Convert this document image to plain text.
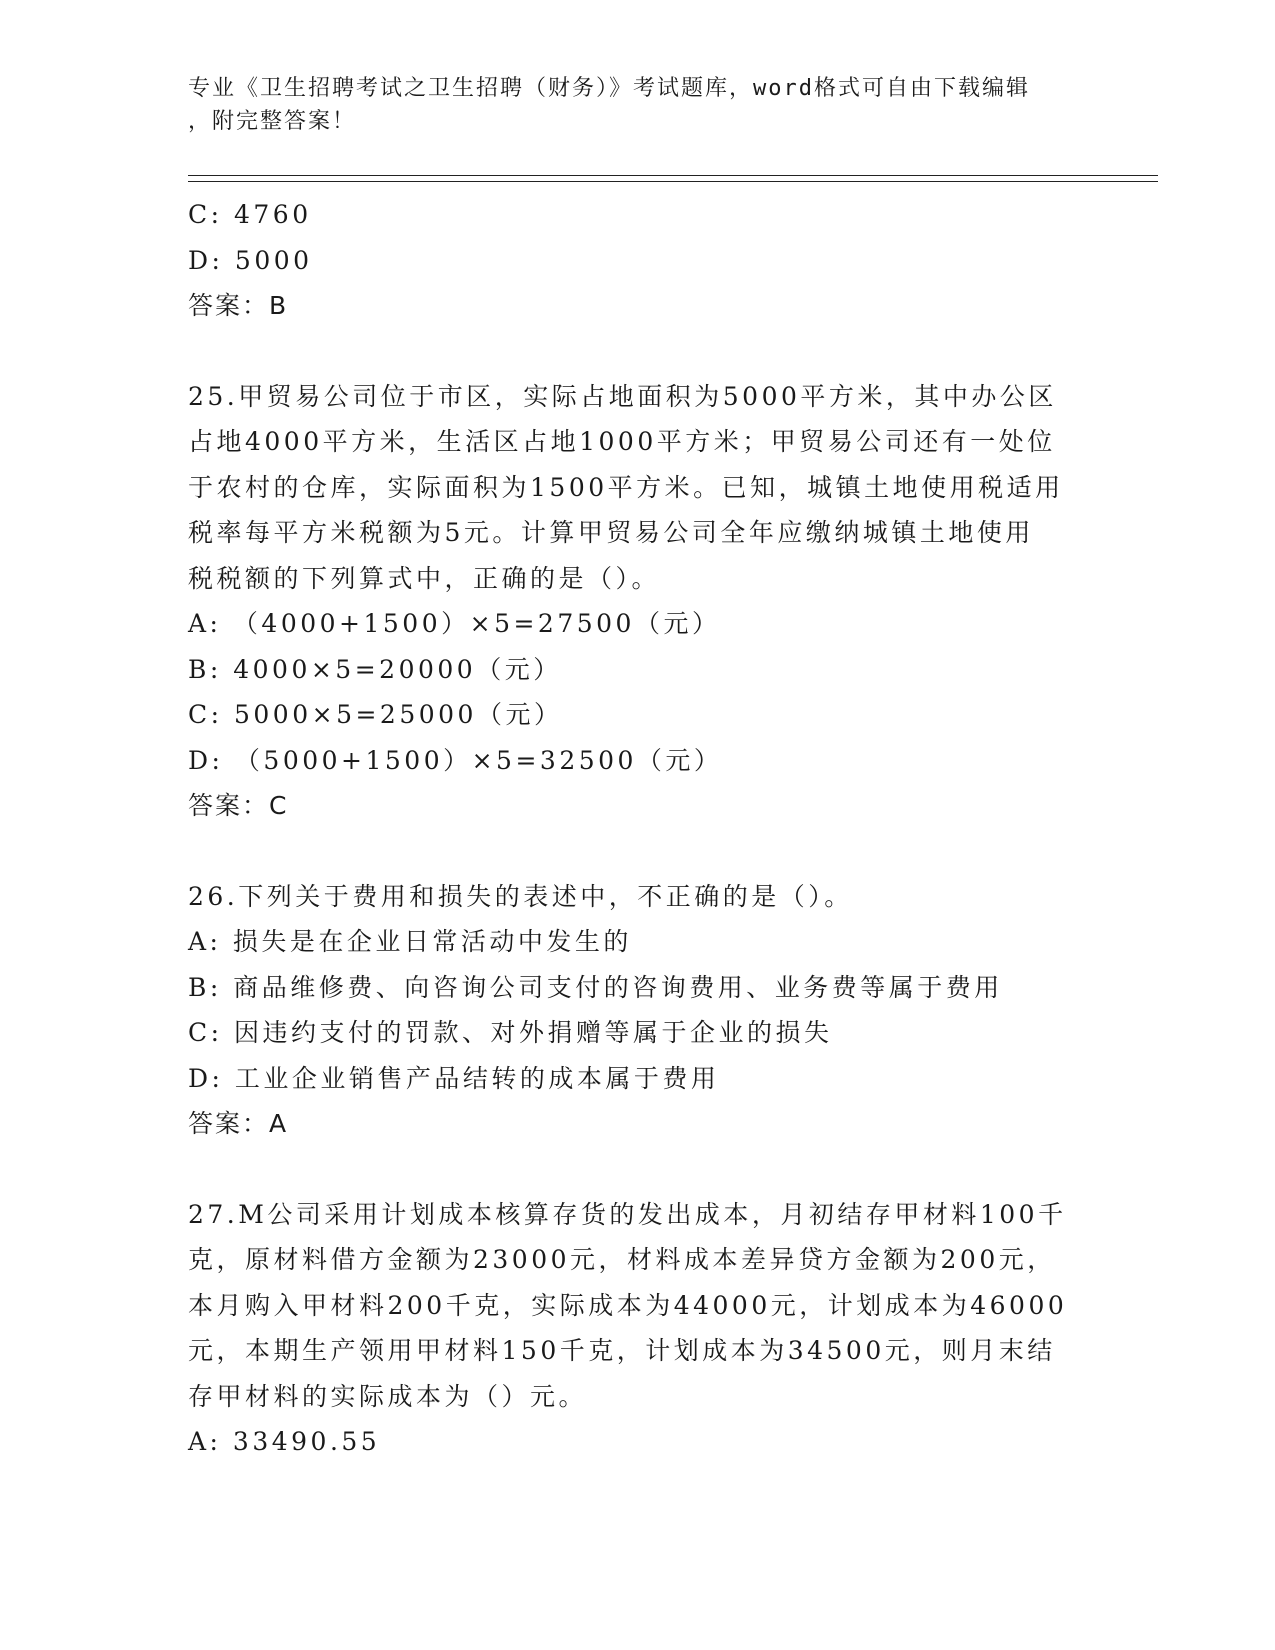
专业《卫生招聘考试之卫生招聘（财务）》考试题库，word格式可自由下载编辑
，附完整答案！
C: 4760
D: 5000
答案：B
25.甲贸易公司位于市区，实际占地面积为5000平方米，其中办公区
占地4000平方米，生活区占地1000平方米；甲贸易公司还有一处位
于农村的仓库，实际面积为1500平方米。已知，城镇土地使用税适用
税率每平方米税额为5元。计算甲贸易公司全年应缴纳城镇土地使用
税税额的下列算式中，正确的是（）。
A: （4000+1500）×5=27500（元）
B: 4000×5=20000（元）
C: 5000×5=25000（元）
D: （5000+1500）×5=32500（元）
答案：C
26.下列关于费用和损失的表述中，不正确的是（）。
A: 损失是在企业日常活动中发生的
B: 商品维修费、向咨询公司支付的咨询费用、业务费等属于费用
C: 因违约支付的罚款、对外捐赠等属于企业的损失
D: 工业企业销售产品结转的成本属于费用
答案：A
27.M公司采用计划成本核算存货的发出成本，月初结存甲材料100千
克，原材料借方金额为23000元，材料成本差异贷方金额为200元，
本月购入甲材料200千克，实际成本为44000元，计划成本为46000
元，本期生产领用甲材料150千克，计划成本为34500元，则月末结
存甲材料的实际成本为（）元。
A: 33490.55
